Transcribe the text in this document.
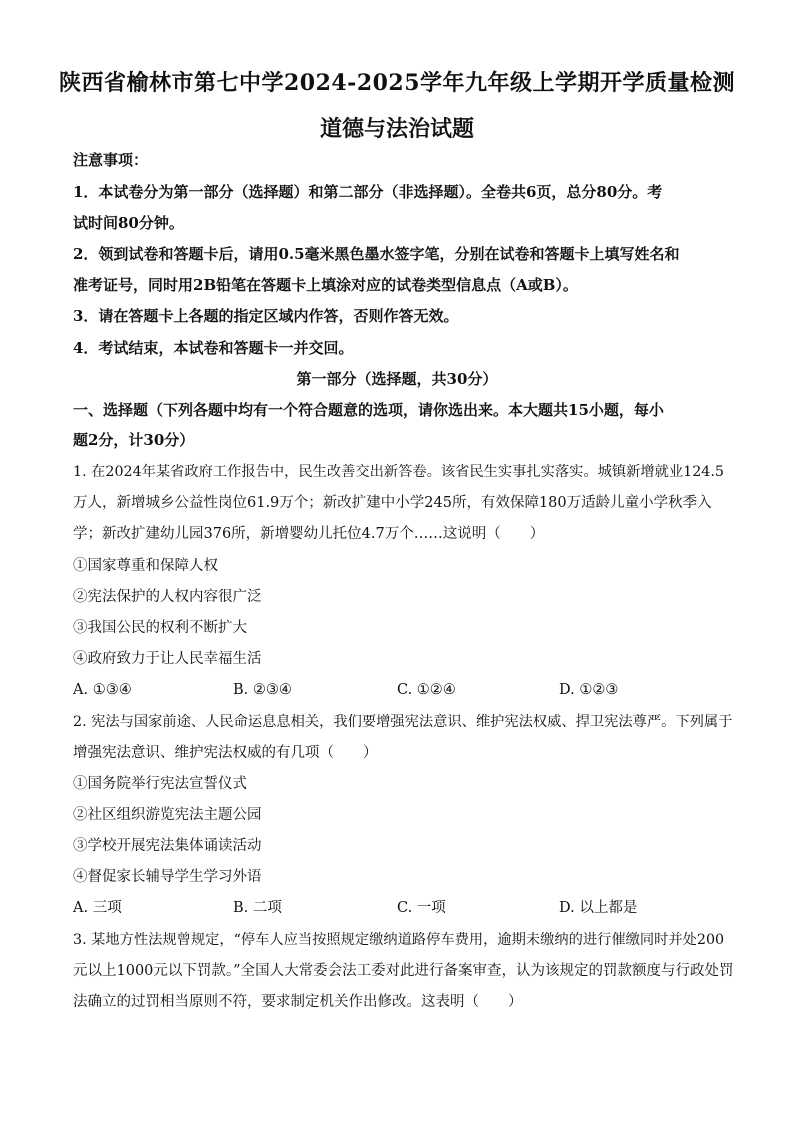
陕西省榆林市第七中学2024-2025学年九年级上学期开学质量检测
道德与法治试题
注意事项：
1．本试卷分为第一部分（选择题）和第二部分（非选择题）。全卷共6页，总分80分。考
试时间80分钟。
2．领到试卷和答题卡后，请用0.5毫米黑色墨水签字笔，分别在试卷和答题卡上填写姓名和
准考证号，同时用2B铅笔在答题卡上填涂对应的试卷类型信息点（A或B）。
3．请在答题卡上各题的指定区域内作答，否则作答无效。
4．考试结束，本试卷和答题卡一并交回。
第一部分（选择题，共30分）
一、选择题（下列各题中均有一个符合题意的选项，请你选出来。本大题共15小题，每小
题2分，计30分）
1. 在2024年某省政府工作报告中，民生改善交出新答卷。该省民生实事扎实落实。城镇新增就业124.5
万人，新增城乡公益性岗位61.9万个；新改扩建中小学245所，有效保障180万适龄儿童小学秋季入
学；新改扩建幼儿园376所，新增婴幼儿托位4.7万个……这说明（　　）
①国家尊重和保障人权
②宪法保护的人权内容很广泛
③我国公民的权利不断扩大
④政府致力于让人民幸福生活
A. ①③④	B. ②③④	C. ①②④	D. ①②③
2. 宪法与国家前途、人民命运息息相关，我们要增强宪法意识、维护宪法权威、捍卫宪法尊严。下列属于
增强宪法意识、维护宪法权威的有几项（　　）
①国务院举行宪法宣誓仪式
②社区组织游览宪法主题公园
③学校开展宪法集体诵读活动
④督促家长辅导学生学习外语
A. 三项	B. 二项	C. 一项	D. 以上都是
3. 某地方性法规曾规定，“停车人应当按照规定缴纳道路停车费用，逾期未缴纳的进行催缴同时并处200
元以上1000元以下罚款。”全国人大常委会法工委对此进行备案审查，认为该规定的罚款额度与行政处罚
法确立的过罚相当原则不符，要求制定机关作出修改。这表明（　　）
